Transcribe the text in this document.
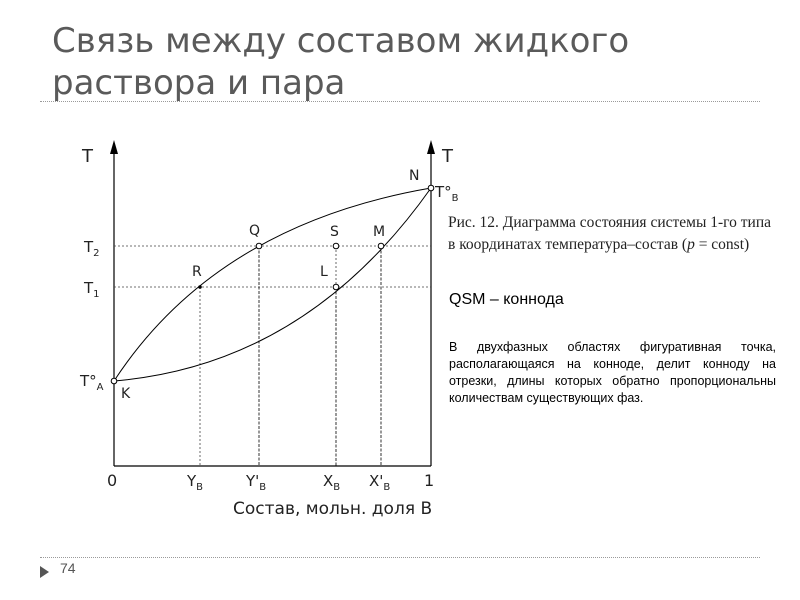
Связь между составом жидкого раствора и пара
T	T
$T_2$
$T_1$
$T^\circ_A$
$T^\circ_B$
N
Q	S M
R	L
K
0	1
$Y_B$	$Y'_B$	$X_B$ $X'_B$
Состав, мольн. доля В
Рис. 12. Диаграмма состояния системы 1-го типа
в координатах температура–состав (p = const)
QSM – коннода
В двухфазных областях фигуративная точка, располагающаяся на конноде, делит конноду на отрезки, длины которых обратно пропорциональны количествам существующих фаз.
74
